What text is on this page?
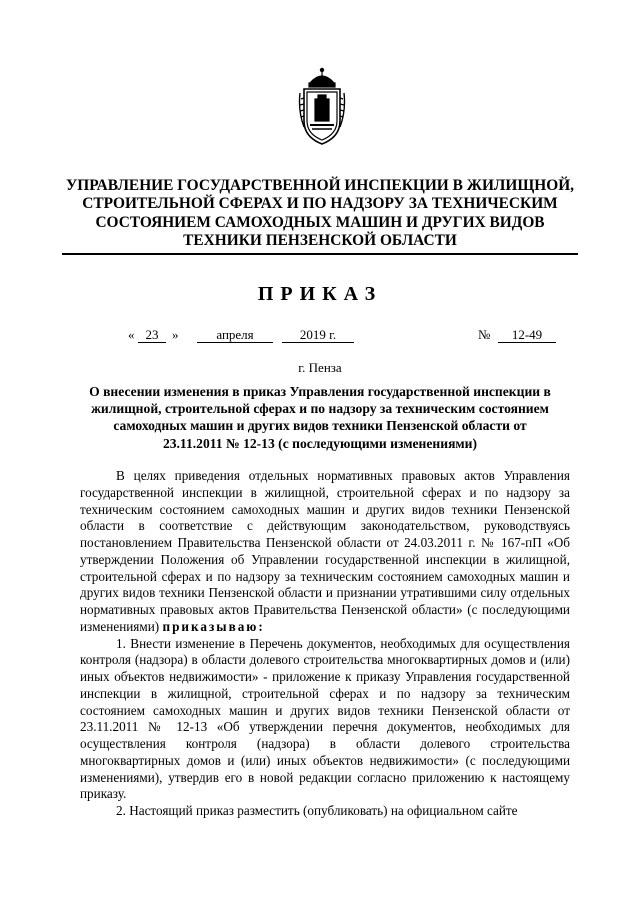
УПРАВЛЕНИЕ ГОСУДАРСТВЕННОЙ ИНСПЕКЦИИ В ЖИЛИЩНОЙ,
СТРОИТЕЛЬНОЙ СФЕРАХ И ПО НАДЗОРУ ЗА ТЕХНИЧЕСКИМ
СОСТОЯНИЕМ САМОХОДНЫХ МАШИН И ДРУГИХ ВИДОВ
ТЕХНИКИ ПЕНЗЕНСКОЙ ОБЛАСТИ
ПРИКАЗ
« 23	»	апреля	2019 г.	№	12-49
г. Пенза
О внесении изменения в приказ Управления государственной инспекции в
жилищной, строительной сферах и по надзору за техническим состоянием
самоходных машин и других видов техники Пензенской области от
23.11.2011 № 12-13 (с последующими изменениями)

В целях приведения отдельных нормативных правовых актов Управления государственной инспекции в жилищной, строительной сферах и по надзору за техническим состоянием самоходных машин и других видов техники Пензенской области в соответствие с действующим законодательством, руководствуясь постановлением Правительства Пензенской области от 24.03.2011 г. № 167-пП «Об утверждении Положения об Управлении государственной инспекции в жилищной, строительной сферах и по надзору за техническим состоянием самоходных машин и других видов техники Пензенской области и признании утратившими силу отдельных нормативных правовых актов Правительства Пензенской области» (с последующими изменениями) приказываю:

1. Внести изменение в Перечень документов, необходимых для осуществления контроля (надзора) в области долевого строительства многоквартирных домов и (или) иных объектов недвижимости» - приложение к приказу Управления государственной инспекции в жилищной, строительной сферах и по надзору за техническим состоянием самоходных машин и других видов техники Пензенской области от 23.11.2011 № 12-13 «Об утверждении перечня документов, необходимых для осуществления контроля (надзора) в области долевого строительства многоквартирных домов и (или) иных объектов недвижимости» (с последующими изменениями), утвердив его в новой редакции согласно приложению к настоящему приказу.

2. Настоящий приказ разместить (опубликовать) на официальном сайте
